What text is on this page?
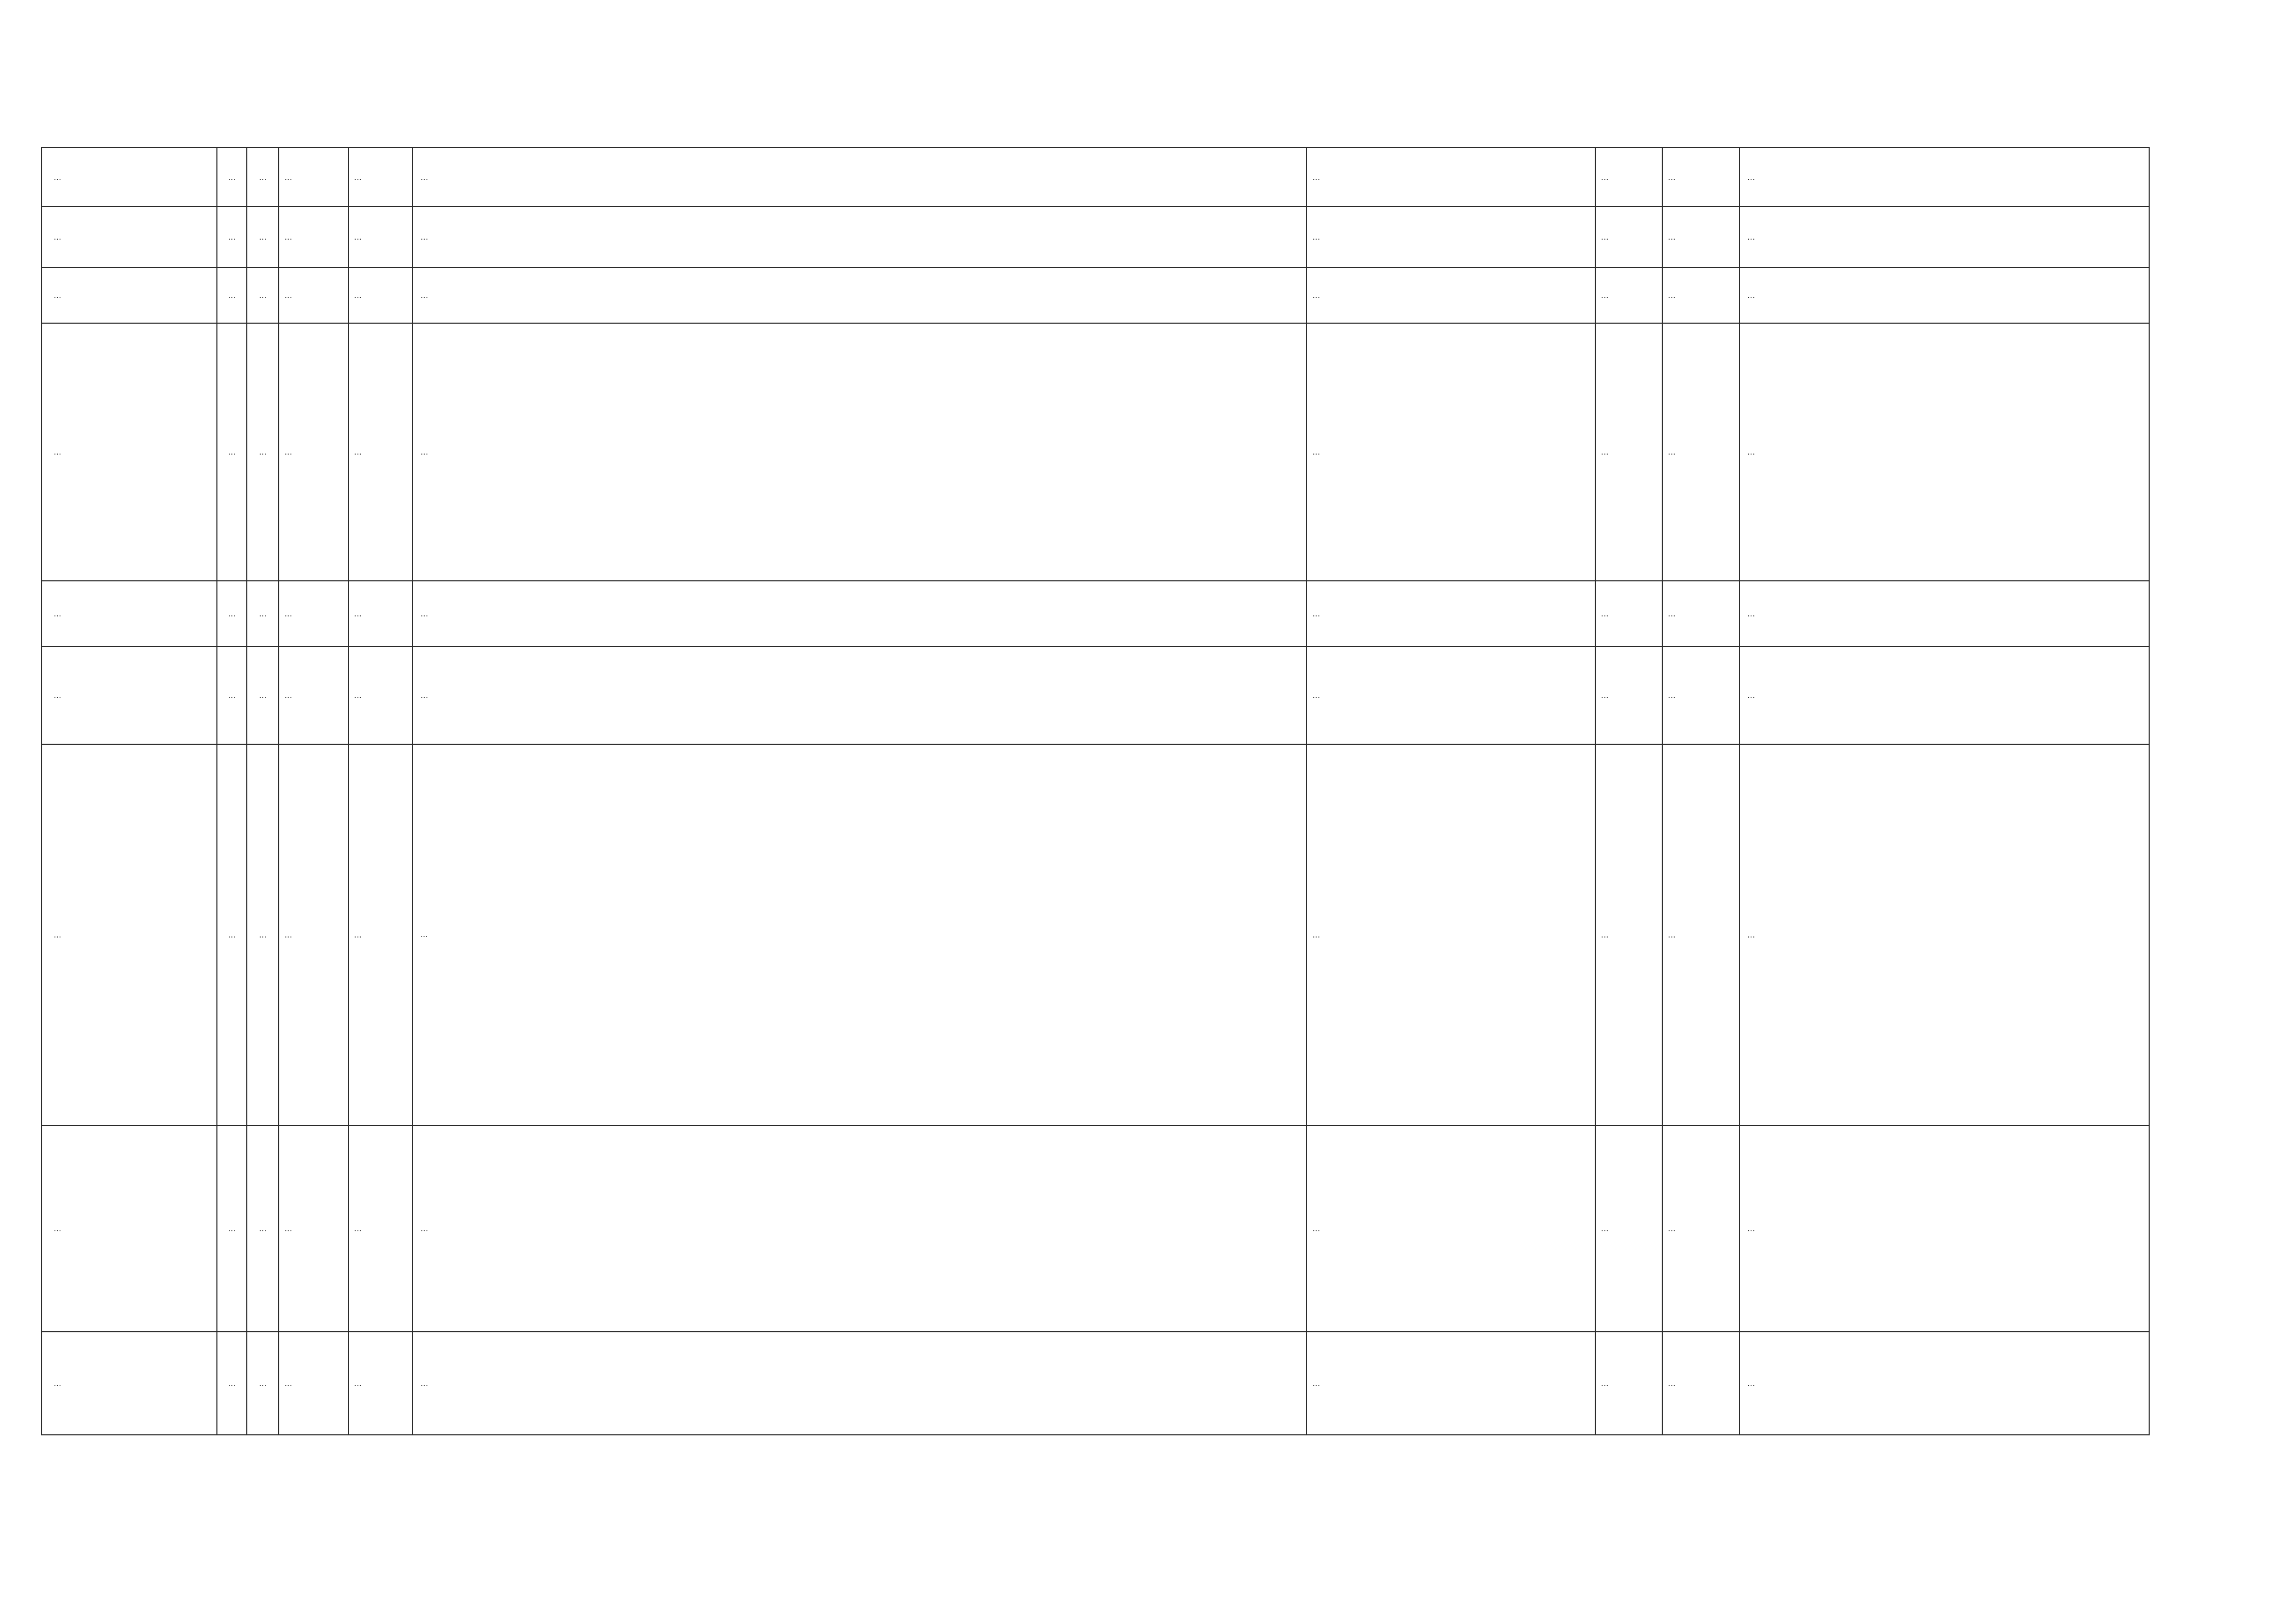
…	…	…	…	…	…	…	…	…	…
…	…	…	…	…	…	…	…	…	…
…	…	…	…	…	…	…	…	…	…
…	…	…	…	…	…	…	…	…	…
…	…	…	…	…	…	…	…	…	…
…	…	…	…	…	…	…	…	…	…
…	…	…	…	…	…	…	…	…	…
…	…	…	…	…	…	…	…	…	…
…	…	…	…	…	…	…	…	…	…
